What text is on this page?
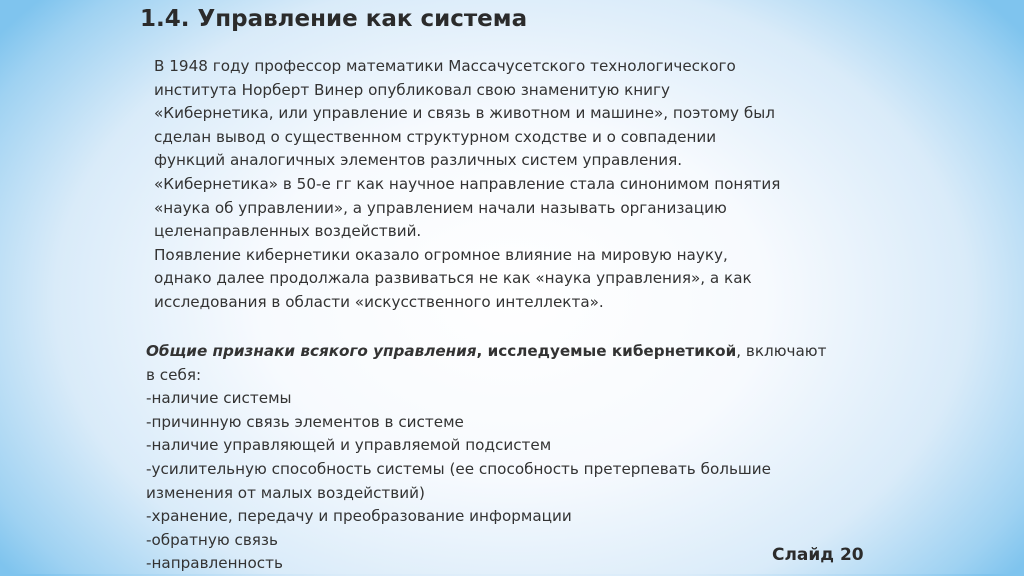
1.4. Управление как система

В 1948 году профессор математики Массачусетского технологического
института Норберт Винер опубликовал свою знаменитую книгу
«Кибернетика, или управление и связь в животном и машине», поэтому был
сделан вывод о существенном структурном сходстве и о совпадении
функций аналогичных элементов различных систем управления.

«Кибернетика» в 50-е гг как научное направление стала синонимом понятия
«наука об управлении», а управлением начали называть организацию
целенаправленных воздействий.

Появление кибернетики оказало огромное влияние на мировую науку,
однако далее продолжала развиваться не как «наука управления», а как
исследования в области «искусственного интеллекта».

Общие признаки всякого управления, исследуемые кибернетикой, включают
в себя:

-наличие системы
-причинную связь элементов в системе
-наличие управляющей и управляемой подсистем
-усилительную способность системы (ее способность претерпевать большие
изменения от малых воздействий)
-хранение, передачу и преобразование информации
-обратную связь
-направленность	Слайд 20
